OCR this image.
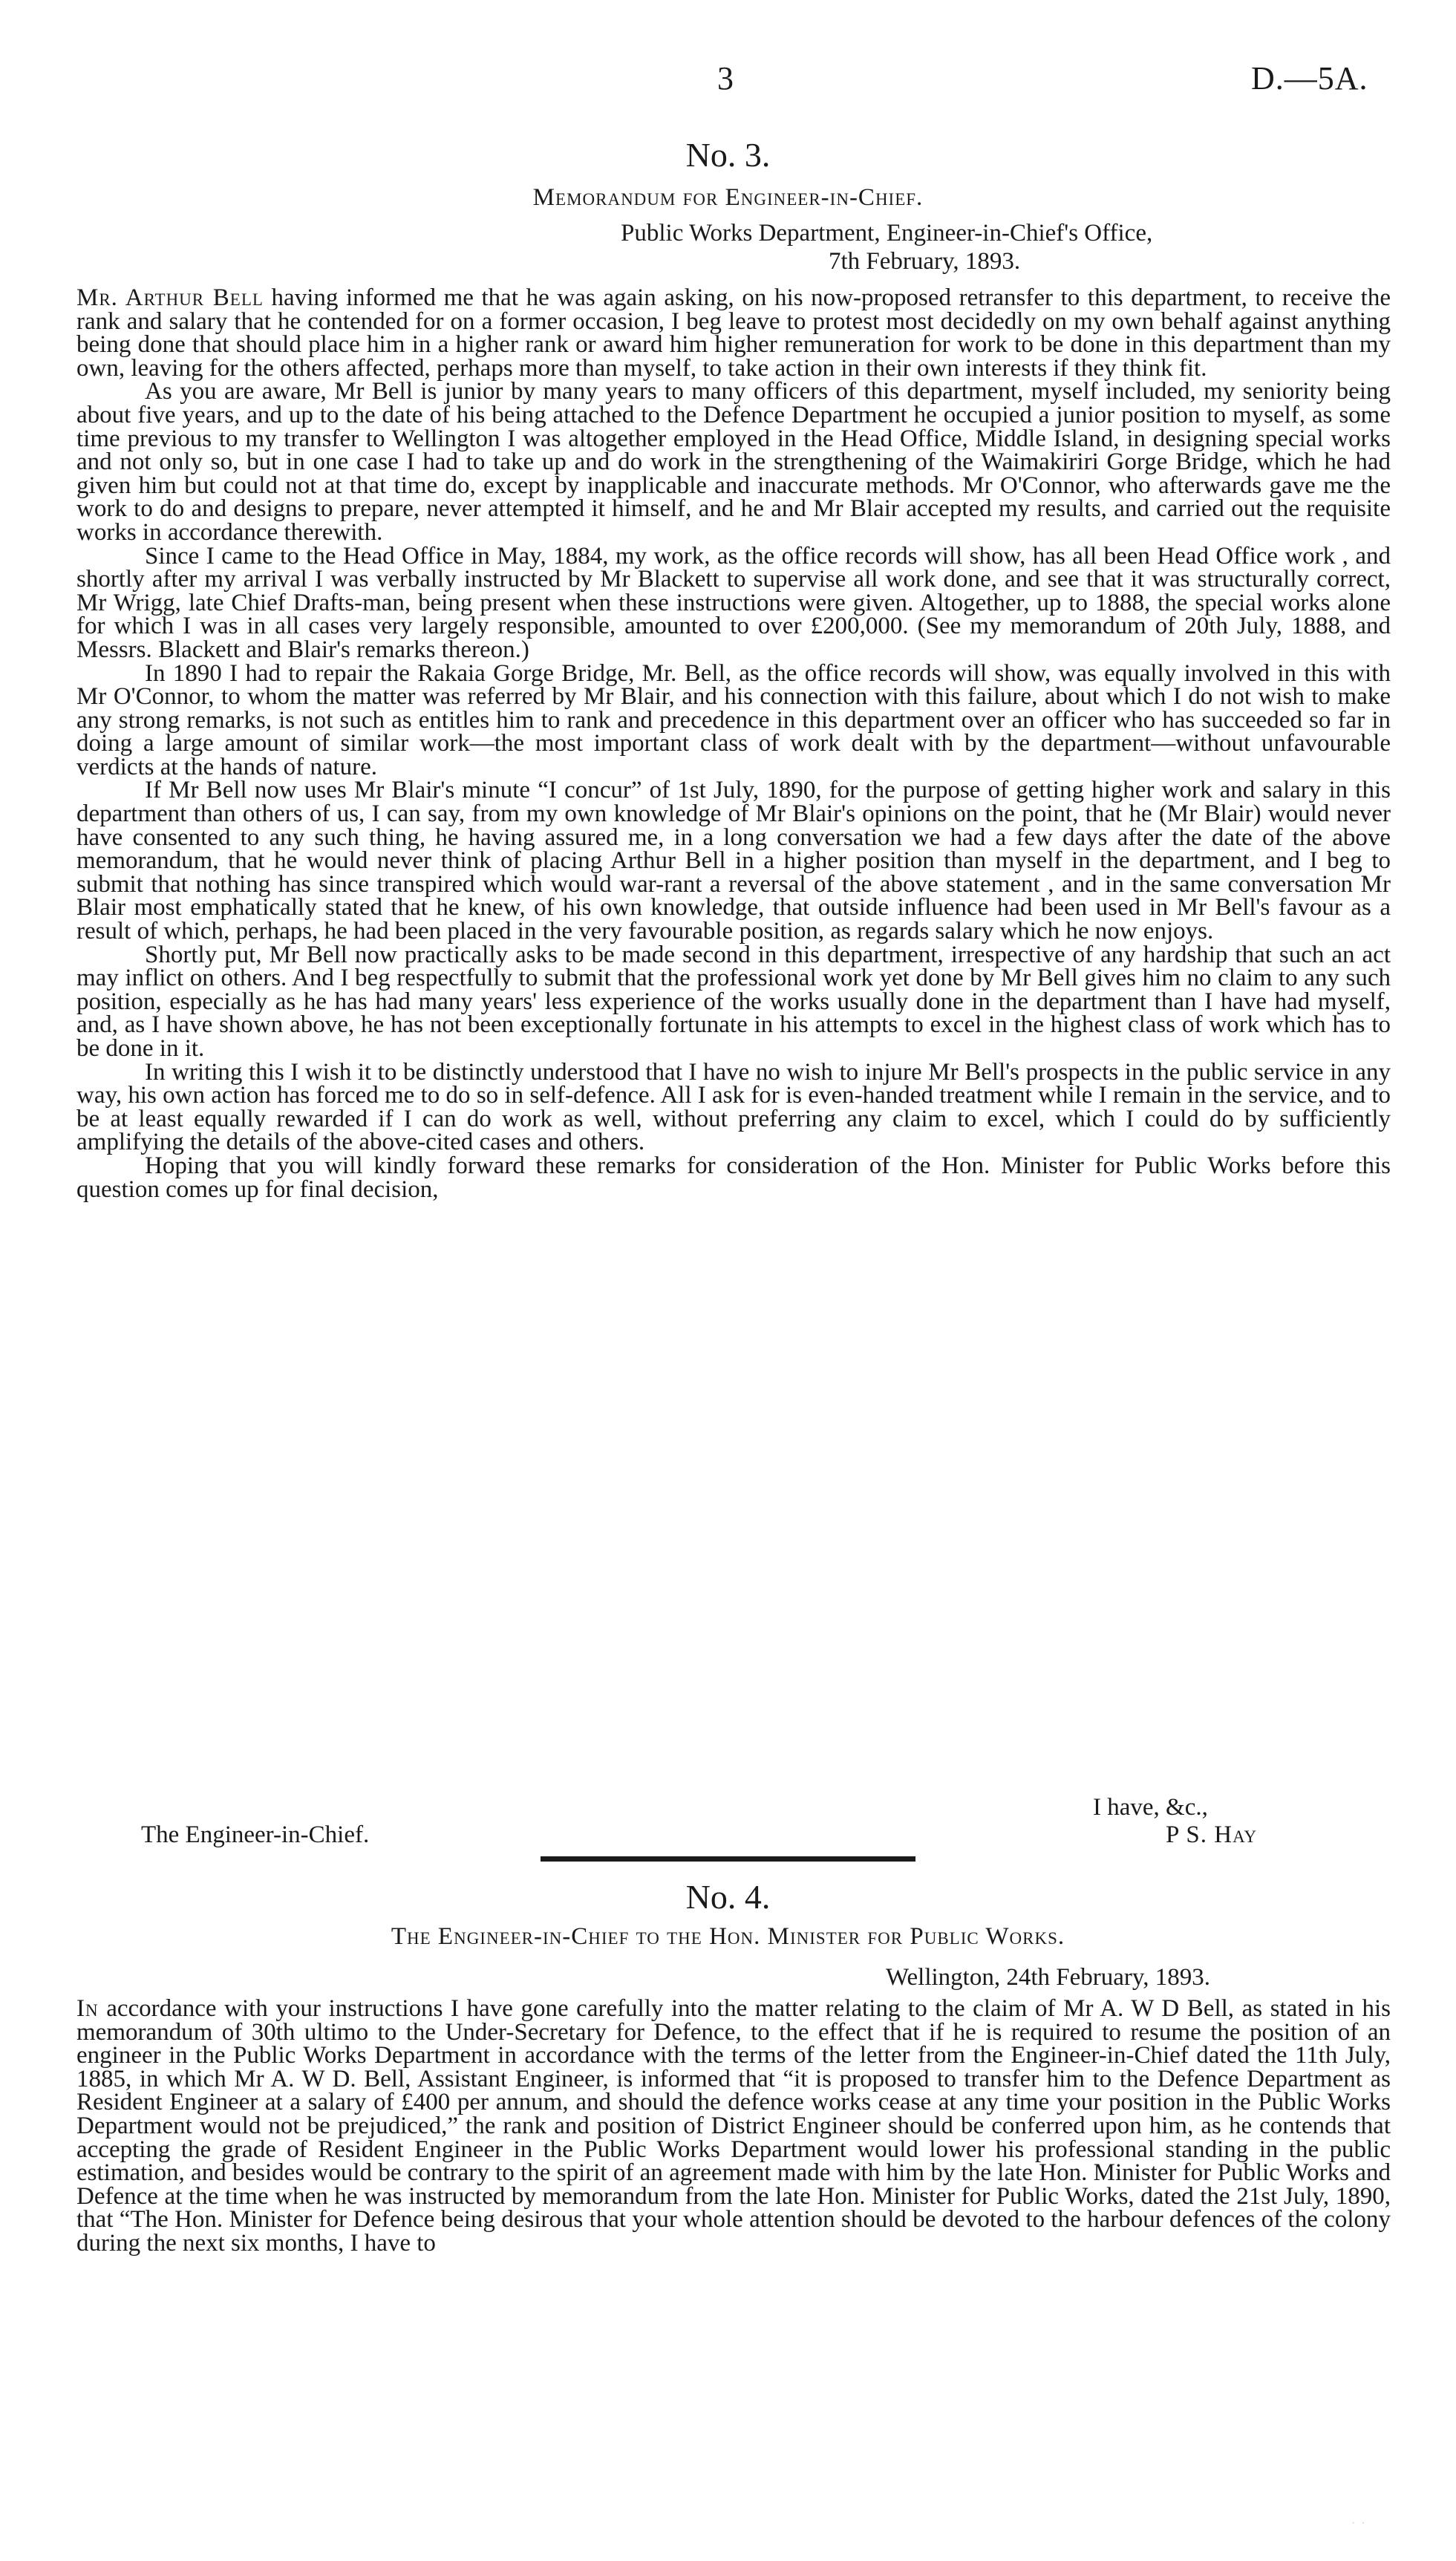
3	D.—5A.
No. 3.
Memorandum for Engineer-in-Chief.
Public Works Department, Engineer-in-Chief's Office,
7th February, 1893.

Mr. Arthur Bell having informed me that he was again asking, on his now-proposed retransfer to this department, to receive the rank and salary that he contended for on a former occasion, I beg leave to protest most decidedly on my own behalf against anything being done that should place him in a higher rank or award him higher remuneration for work to be done in this department than my own, leaving for the others affected, perhaps more than myself, to take action in their own interests if they think fit.

As you are aware, Mr Bell is junior by many years to many officers of this department, myself included, my seniority being about five years, and up to the date of his being attached to the Defence Department he occupied a junior position to myself, as some time previous to my transfer to Wellington I was altogether employed in the Head Office, Middle Island, in designing special works and not only so, but in one case I had to take up and do work in the strengthening of the Waimakiriri Gorge Bridge, which he had given him but could not at that time do, except by inapplicable and inaccurate methods. Mr O'Connor, who afterwards gave me the work to do and designs to prepare, never attempted it himself, and he and Mr Blair accepted my results, and carried out the requisite works in accordance therewith.

Since I came to the Head Office in May, 1884, my work, as the office records will show, has all been Head Office work , and shortly after my arrival I was verbally instructed by Mr Blackett to supervise all work done, and see that it was structurally correct, Mr Wrigg, late Chief Drafts-man, being present when these instructions were given. Altogether, up to 1888, the special works alone for which I was in all cases very largely responsible, amounted to over £200,000. (See my memorandum of 20th July, 1888, and Messrs. Blackett and Blair's remarks thereon.)

In 1890 I had to repair the Rakaia Gorge Bridge, Mr. Bell, as the office records will show, was equally involved in this with Mr O'Connor, to whom the matter was referred by Mr Blair, and his connection with this failure, about which I do not wish to make any strong remarks, is not such as entitles him to rank and precedence in this department over an officer who has succeeded so far in doing a large amount of similar work—the most important class of work dealt with by the department—without unfavourable verdicts at the hands of nature.

If Mr Bell now uses Mr Blair's minute “I concur” of 1st July, 1890, for the purpose of getting higher work and salary in this department than others of us, I can say, from my own knowledge of Mr Blair's opinions on the point, that he (Mr Blair) would never have consented to any such thing, he having assured me, in a long conversation we had a few days after the date of the above memorandum, that he would never think of placing Arthur Bell in a higher position than myself in the department, and I beg to submit that nothing has since transpired which would war-rant a reversal of the above statement , and in the same conversation Mr Blair most emphatically stated that he knew, of his own knowledge, that outside influence had been used in Mr Bell's favour as a result of which, perhaps, he had been placed in the very favourable position, as regards salary which he now enjoys.

Shortly put, Mr Bell now practically asks to be made second in this department, irrespective of any hardship that such an act may inflict on others. And I beg respectfully to submit that the professional work yet done by Mr Bell gives him no claim to any such position, especially as he has had many years' less experience of the works usually done in the department than I have had myself, and, as I have shown above, he has not been exceptionally fortunate in his attempts to excel in the highest class of work which has to be done in it.

In writing this I wish it to be distinctly understood that I have no wish to injure Mr Bell's prospects in the public service in any way, his own action has forced me to do so in self-defence. All I ask for is even-handed treatment while I remain in the service, and to be at least equally rewarded if I can do work as well, without preferring any claim to excel, which I could do by sufficiently amplifying the details of the above-cited cases and others.

Hoping that you will kindly forward these remarks for consideration of the Hon. Minister for Public Works before this question comes up for final decision,

I have, &c.,
P S. Hay
The Engineer-in-Chief.
No. 4.
The Engineer-in-Chief to the Hon. Minister for Public Works.
Wellington, 24th February, 1893.

In accordance with your instructions I have gone carefully into the matter relating to the claim of Mr A. W D Bell, as stated in his memorandum of 30th ultimo to the Under-Secretary for Defence, to the effect that if he is required to resume the position of an engineer in the Public Works Department in accordance with the terms of the letter from the Engineer-in-Chief dated the 11th July, 1885, in which Mr A. W D. Bell, Assistant Engineer, is informed that “it is proposed to transfer him to the Defence Department as Resident Engineer at a salary of £400 per annum, and should the defence works cease at any time your position in the Public Works Department would not be prejudiced,” the rank and position of District Engineer should be conferred upon him, as he contends that accepting the grade of Resident Engineer in the Public Works Department would lower his professional standing in the public estimation, and besides would be contrary to the spirit of an agreement made with him by the late Hon. Minister for Public Works and Defence at the time when he was instructed by memorandum from the late Hon. Minister for Public Works, dated the 21st July, 1890, that “The Hon. Minister for Defence being desirous that your whole attention should be devoted to the harbour defences of the colony during the next six months, I have to

· ·
